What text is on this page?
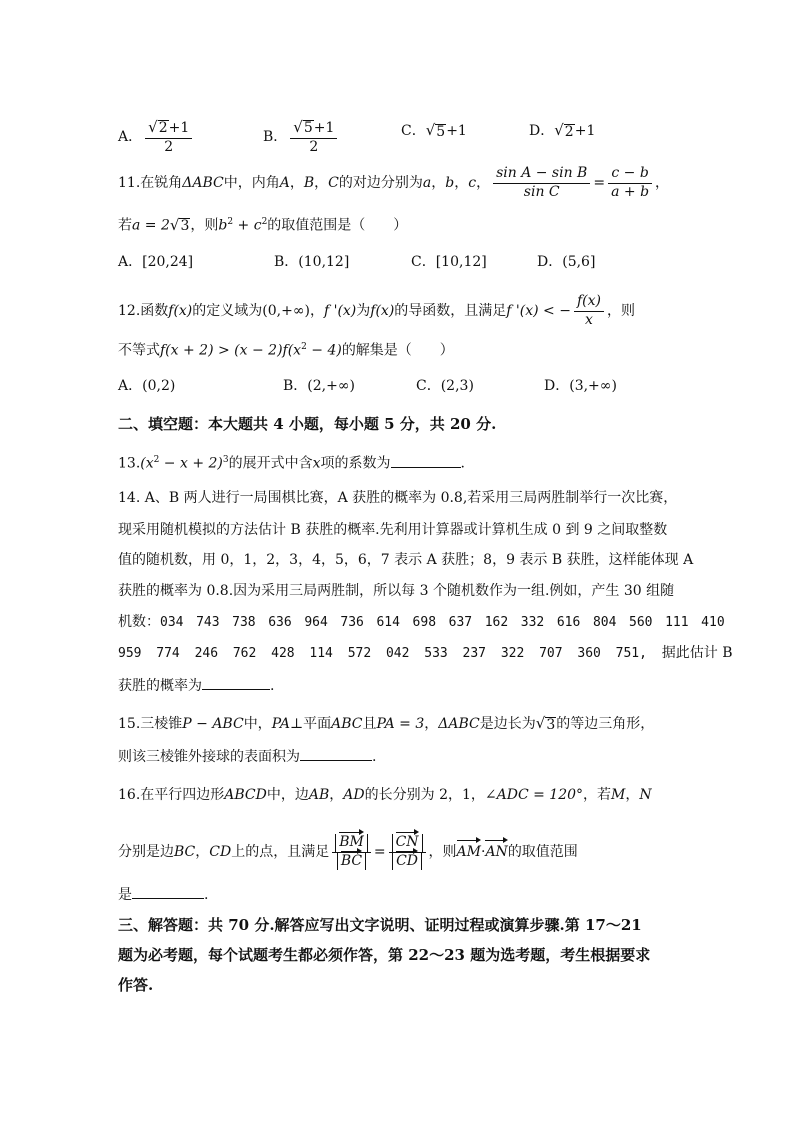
A． $\frac{√ 2 +1}{2}$	B． $\frac{√ 5 +1}{2}$	C． √ 5 +1	D． √ 2 +1
11.在锐角ΔABC中，内角A，B，C的对边分别为a，b，c， $\frac{\text{sin A − sin B}}{\text{sin C}} = \frac{c - b}{a + b}$ ，
若a = 2 √ 3 ，则$b^2 + c^2$的取值范围是（　　）
A．[20,24]	B．(10,12]	C．[10,12]	D．(5,6]
12.函数f(x)的定义域为(0,+∞)，f '(x)为f(x)的导函数，且满足f '(x) < − $\frac{f(x)}{x}$ ，则
不等式$f(x + 2) > (x - 2)f(x^2 - 4)$的解集是（　　）
A．(0,2)	B．(2,+∞)	C．(2,3)	D．(3,+∞)
二、填空题：本大题共 4 小题，每小题 5 分，共 20 分.
$13.(x^2 - x + 2)^3$的展开式中含x项的系数为	.
14. A、B 两人进行一局围棋比赛，A 获胜的概率为 0.8,若采用三局两胜制举行一次比赛，
现采用随机模拟的方法估计 B 获胜的概率.先利用计算器或计算机生成 0 到 9 之间取整数
值的随机数，用 0，1，2，3，4，5，6，7 表示 A 获胜；8，9 表示 B 获胜，这样能体现 A
获胜的概率为 0.8.因为采用三局两胜制，所以每 3 个随机数作为一组.例如，产生 30 组随
机数：034 743 738 636 964 736 614 698 637 162 332 616 804 560 111 410
959 774 246 762 428 114 572 042 533 237 322 707 360 751, 据此估计 B
获胜的概率为	.
15.三棱锥P − ABC中，PA⊥平面ABC且PA = 3，ΔABC是边长为 √ 3 的等边三角形，
则该三棱锥外接球的表面积为	.
16.在平行四边形ABCD中，边AB，AD的长分别为 2，1，∠ADC = 120°，若M，N
分别是边BC，CD上的点，且满足 $\frac{BM}{BC} = \frac{CN}{CD}$ ，则AM·AN的取值范围
是	.
三、解答题：共 70 分.解答应写出文字说明、证明过程或演算步骤.第 17～21
题为必考题，每个试题考生都必须作答，第 22～23 题为选考题，考生根据要求
作答.
